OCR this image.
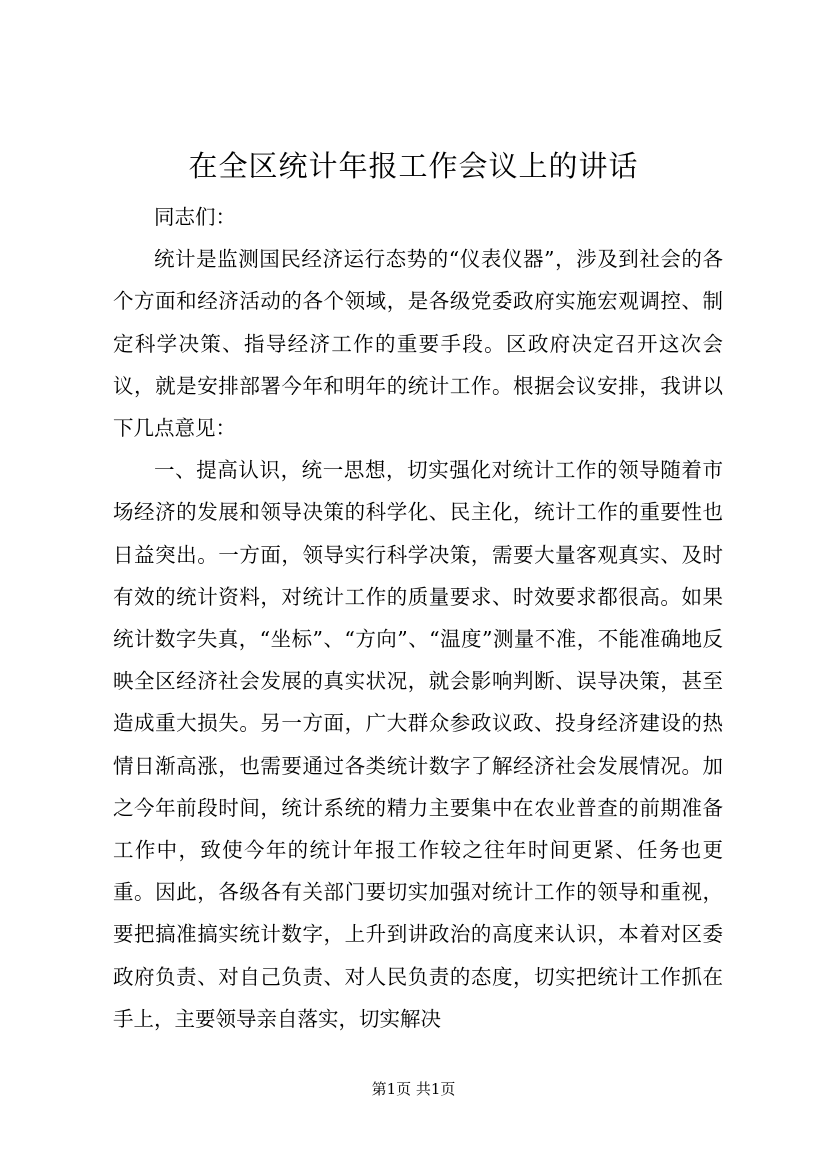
在全区统计年报工作会议上的讲话

同志们：

统计是监测国民经济运行态势的“仪表仪器”，涉及到社会的各个方面和经济活动的各个领域，是各级党委政府实施宏观调控、制定科学决策、指导经济工作的重要手段。区政府决定召开这次会议，就是安排部署今年和明年的统计工作。根据会议安排，我讲以下几点意见：

一、提高认识，统一思想，切实强化对统计工作的领导随着市场经济的发展和领导决策的科学化、民主化，统计工作的重要性也日益突出。一方面，领导实行科学决策，需要大量客观真实、及时有效的统计资料，对统计工作的质量要求、时效要求都很高。如果统计数字失真，“坐标”、“方向”、“温度”测量不准，不能准确地反映全区经济社会发展的真实状况，就会影响判断、误导决策，甚至造成重大损失。另一方面，广大群众参政议政、投身经济建设的热情日渐高涨，也需要通过各类统计数字了解经济社会发展情况。加之今年前段时间，统计系统的精力主要集中在农业普查的前期准备工作中，致使今年的统计年报工作较之往年时间更紧、任务也更重。因此，各级各有关部门要切实加强对统计工作的领导和重视，要把搞准搞实统计数字，上升到讲政治的高度来认识，本着对区委政府负责、对自己负责、对人民负责的态度，切实把统计工作抓在手上，主要领导亲自落实，切实解决

第1页 共1页
